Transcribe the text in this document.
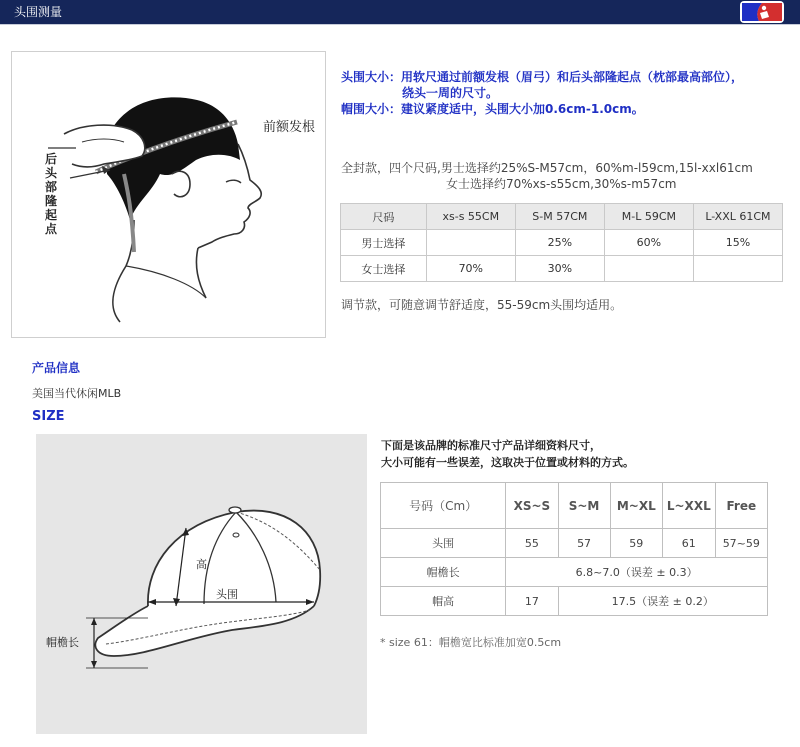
头围测量
前额发根
后头部隆起点
头围大小：用软尺通过前额发根（眉弓）和后头部隆起点（枕部最高部位），
绕头一周的尺寸。
帽围大小：建议紧度适中，头围大小加0.6cm-1.0cm。
全封款，四个尺码,男士选择约25%S-M57cm，60%m-l59cm,15l-xxl61cm
女士选择约70%xs-s55cm,30%s-m57cm
尺码	xs-s 55CM	S-M 57CM	M-L 59CM	L-XXL 61CM
男士选择		25%	60%	15%
女士选择	70%	30%		
调节款，可随意调节舒适度，55-59cm头围均适用。
产品信息
美国当代休闲MLB
SIZE
高
头围
帽檐长
下面是该品牌的标准尺寸产品详细资料尺寸，
大小可能有一些误差，这取决于位置或材料的方式。
号码（Cm）	XS~S	S~M	M~XL	L~XXL	Free
头围	55	57	59	61	57~59
帽檐长	6.8~7.0（误差 ± 0.3）				
帽高	17	17.5（误差 ± 0.2）			
* size 61：帽檐宽比标准加宽0.5cm
